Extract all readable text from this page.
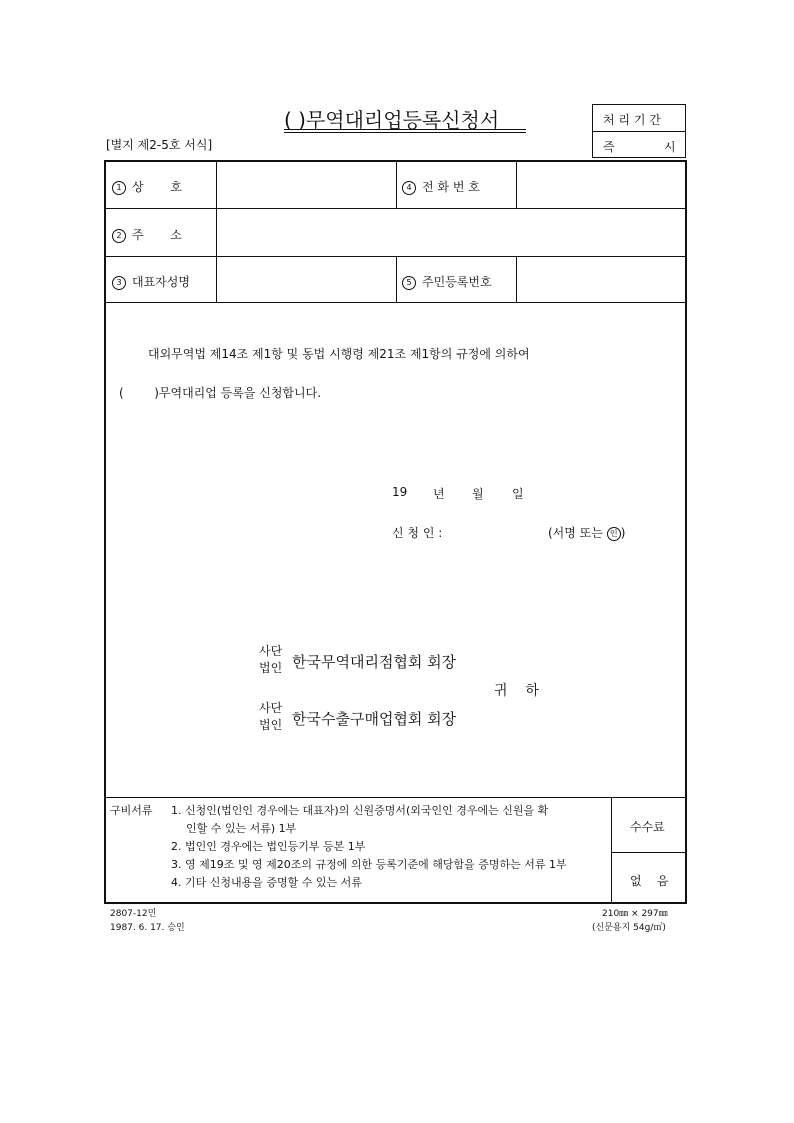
( )무역대리업등록신청서
[별지 제2-5호 서식]
처 리 기 간
즉	시
1 상       호	4 전 화 번 호
2 주       소
3 대표자성명	5 주민등록번호
대외무역법 제14조 제1항 및 동법 시행령 제21조 제1항의 규정에 의하여
(        )무역대리업 등록을 신청합니다.
19 년 월 일
신 청 인 :	(서명 또는 인 )
사단
법인 한국무역대리점협회 회장
귀    하
사단
법인 한국수출구매업협회 회장
구비서류 1. 신청인(법인인 경우에는 대표자)의 신원증명서(외국인인 경우에는 신원을 확
인할 수 있는 서류) 1부
2. 법인인 경우에는 법인등기부 등본 1부
3. 영 제19조 및 영 제20조의 규정에 의한 등록기준에 해당함을 증명하는 서류 1부
4. 기타 신청내용을 증명할 수 있는 서류
수수료
없    음
2807-12민
1987. 6. 17. 승인
210㎜ × 297㎜
(신문용지 54g/㎡)
